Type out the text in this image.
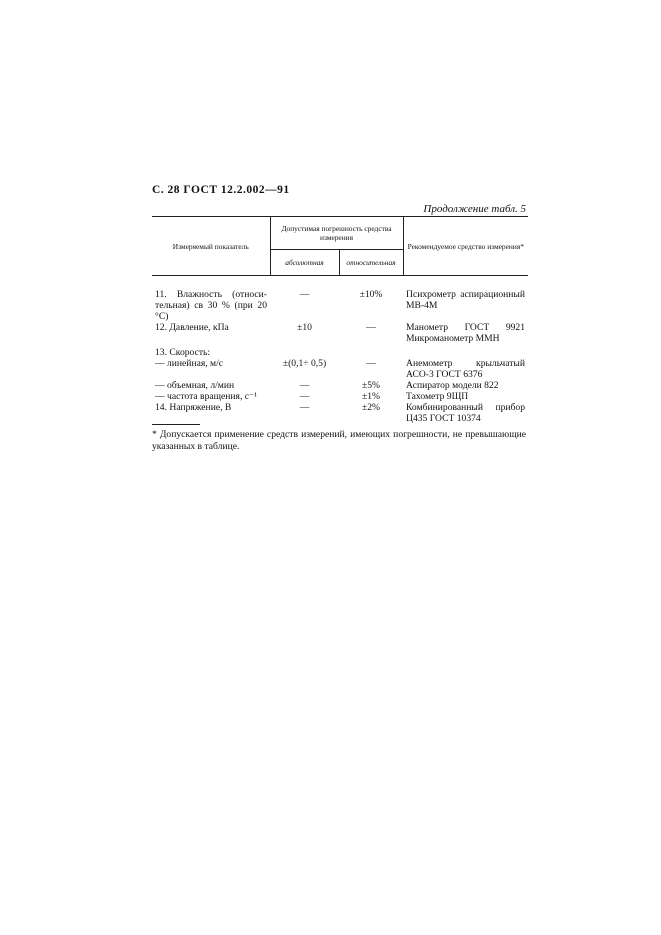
С. 28 ГОСТ 12.2.002—91
Продолжение табл. 5
Измеряемый показатель	Допустимая погрешность средства измерения		Рекомендуемое средство измерения*
	абсолютная	относительная	

11. Влажность (относительная) св 30 % (при 20 °С)	—	±10%	Психрометр аспирационный МВ-4М
12. Давление, кПа	±10	—	Манометр ГОСТ 9921 Микроманометр ММН
13. Скорость:			
— линейная, м/с	±(0,1÷ 0,5)	—	Анемометр крыльчатый АСО-3 ГОСТ 6376
— объемная, л/мин	—	±5%	Аспиратор модели 822
— частота вращения, с⁻¹	—	±1%	Тахометр 9ЩП
14. Напряжение, В	—	±2%	Комбинированный прибор Ц435 ГОСТ 10374
* Допускается применение средств измерений, имеющих погрешности, не превышающие указанных в таблице.
